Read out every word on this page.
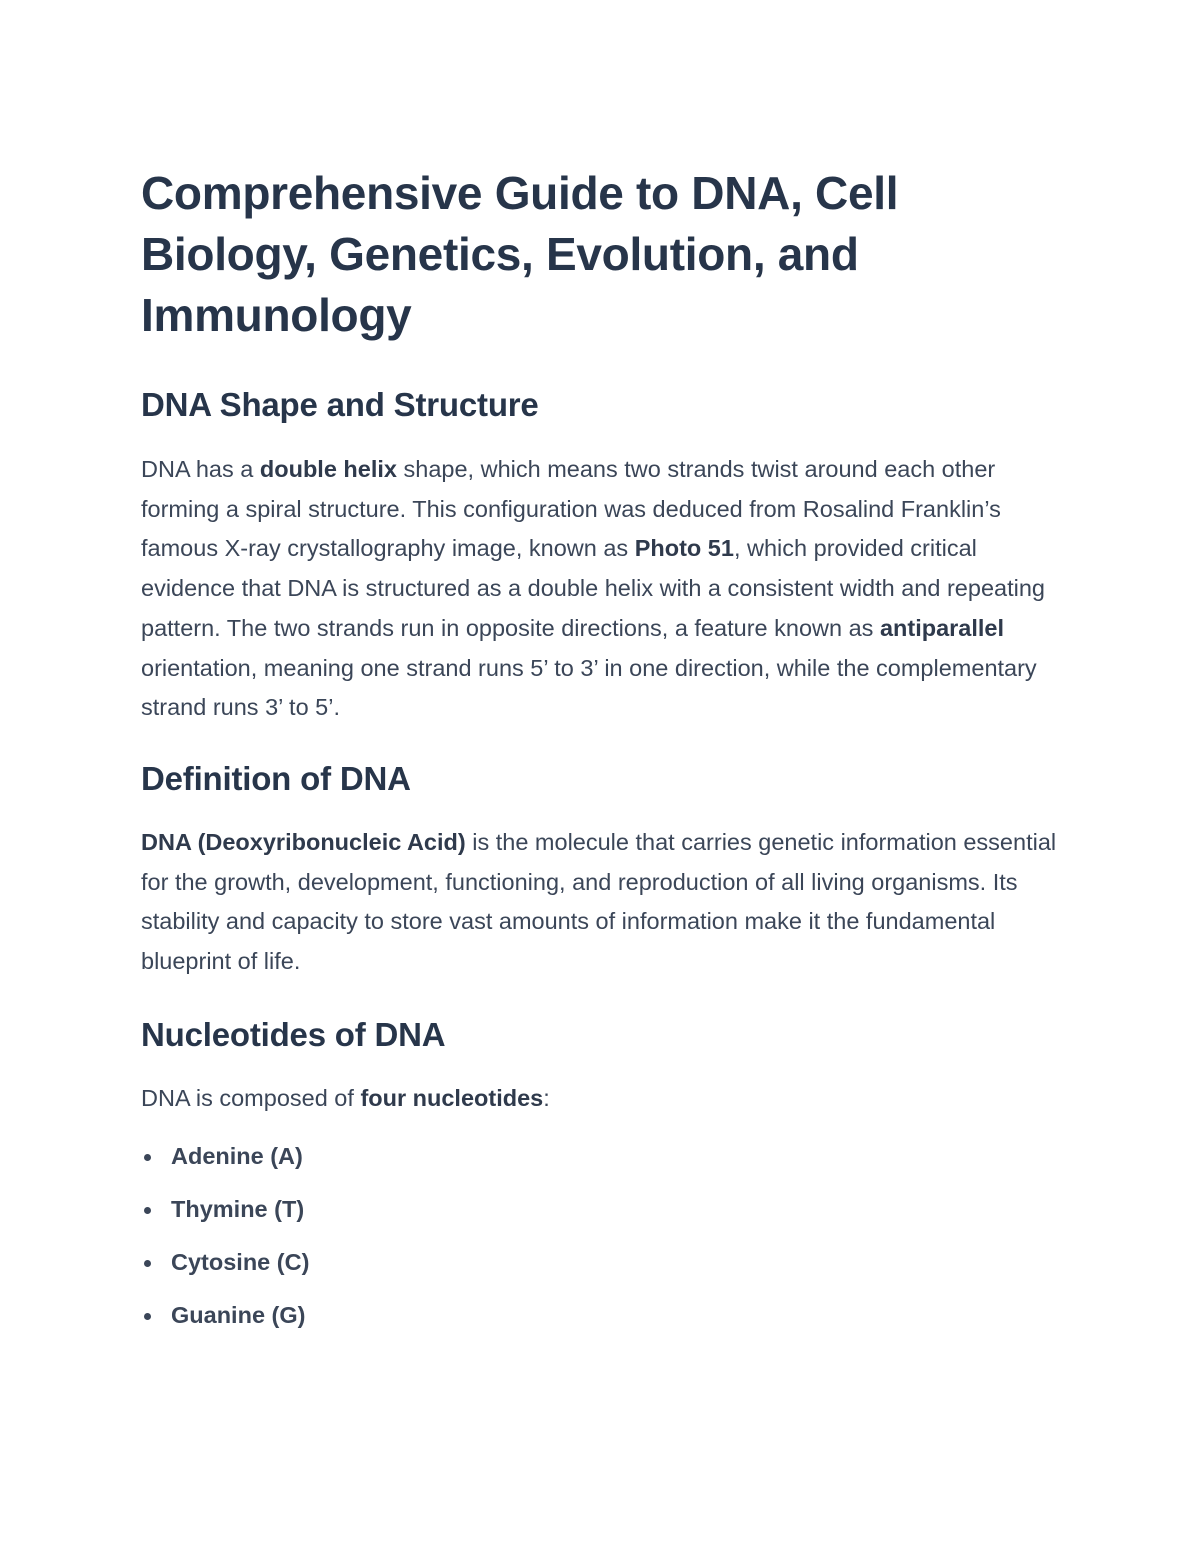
Comprehensive Guide to DNA, Cell Biology, Genetics, Evolution, and Immunology
DNA Shape and Structure

DNA has a double helix shape, which means two strands twist around each other forming a spiral structure. This configuration was deduced from Rosalind Franklin’s famous X-ray crystallography image, known as Photo 51, which provided critical evidence that DNA is structured as a double helix with a consistent width and repeating pattern. The two strands run in opposite directions, a feature known as antiparallel orientation, meaning one strand runs 5’ to 3’ in one direction, while the complementary strand runs 3’ to 5’.

Definition of DNA

DNA (Deoxyribonucleic Acid) is the molecule that carries genetic information essential for the growth, development, functioning, and reproduction of all living organisms. Its stability and capacity to store vast amounts of information make it the fundamental blueprint of life.

Nucleotides of DNA

DNA is composed of four nucleotides:

Adenine (A)
Thymine (T)
Cytosine (C)
Guanine (G)
